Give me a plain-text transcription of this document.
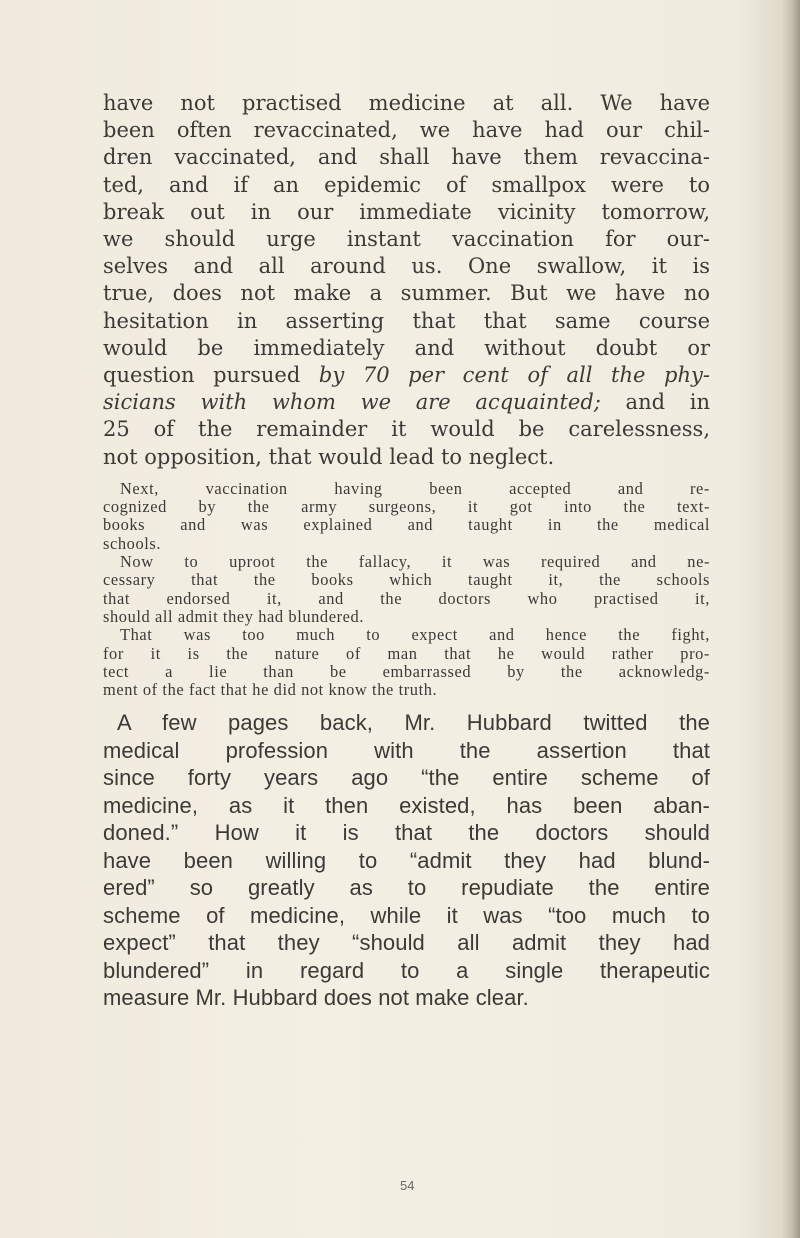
have not practised medicine at all. We have
been often revaccinated, we have had our chil-
dren vaccinated, and shall have them revaccina-
ted, and if an epidemic of smallpox were to
break out in our immediate vicinity tomorrow,
we should urge instant vaccination for our-
selves and all around us. One swallow, it is
true, does not make a summer. But we have no
hesitation in asserting that that same course
would be immediately and without doubt or
question pursued by 70 per cent of all the phy-
sicians with whom we are acquainted; and in
25 of the remainder it would be carelessness,
not opposition, that would lead to neglect.
Next, vaccination having been accepted and re-
cognized by the army surgeons, it got into the text-
books and was explained and taught in the medical
schools.
Now to uproot the fallacy, it was required and ne-
cessary that the books which taught it, the schools
that endorsed it, and the doctors who practised it,
should all admit they had blundered.
That was too much to expect and hence the fight,
for it is the nature of man that he would rather pro-
tect a lie than be embarrassed by the acknowledg-
ment of the fact that he did not know the truth.
A few pages back, Mr. Hubbard twitted the
medical profession with the assertion that
since forty years ago “the entire scheme of
medicine, as it then existed, has been aban-
doned.” How it is that the doctors should
have been willing to “admit they had blund-
ered” so greatly as to repudiate the entire
scheme of medicine, while it was “too much to
expect” that they “should all admit they had
blundered” in regard to a single therapeutic
measure Mr. Hubbard does not make clear.
54
